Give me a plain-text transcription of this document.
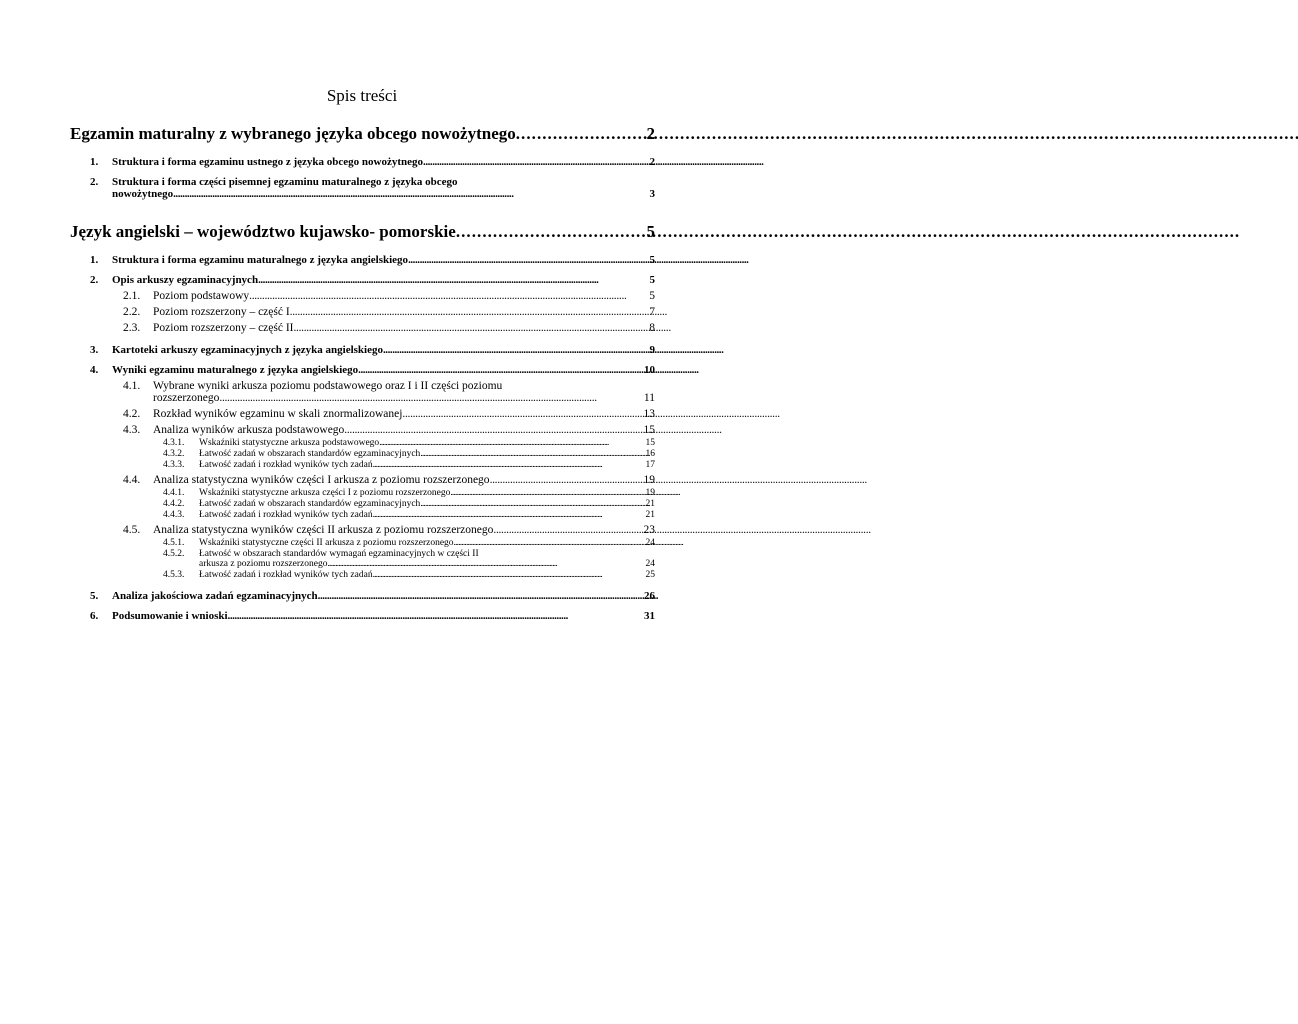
Spis treści
Egzamin maturalny z wybranego języka obcego nowożytnego . . .	2
1.	Struktura i forma egzaminu ustnego z języka obcego nowożytnego . . .	2
2.	Struktura i forma części pisemnej egzaminu maturalnego z języka obcego
nowożytnego . . .	3
Język angielski – województwo kujawsko- pomorskie . . .	5
1.	Struktura i forma egzaminu maturalnego z języka angielskiego . . .	5
2.	Opis arkuszy egzaminacyjnych . . .	5
2.1.	Poziom podstawowy . . .	5
2.2.	Poziom rozszerzony – część I . . .	7
2.3.	Poziom rozszerzony – część II . . .	8
3.	Kartoteki arkuszy egzaminacyjnych z języka angielskiego . . .	9
4.	Wyniki egzaminu maturalnego z języka angielskiego . . .	10
4.1.	Wybrane wyniki arkusza poziomu podstawowego oraz I i II części poziomu
rozszerzonego . . .	11
4.2.	Rozkład wyników egzaminu w skali znormalizowanej . . .	13
4.3.	Analiza wyników arkusza podstawowego . . .	15
4.3.1.	Wskaźniki statystyczne arkusza podstawowego . . .	15
4.3.2.	Łatwość zadań w obszarach standardów egzaminacyjnych . . .	16
4.3.3.	Łatwość zadań i rozkład wyników tych zadań . . .	17
4.4.	Analiza statystyczna wyników części I arkusza z poziomu rozszerzonego . . .	19
4.4.1.	Wskaźniki statystyczne arkusza części I z poziomu rozszerzonego . . .	19
4.4.2.	Łatwość zadań w obszarach standardów egzaminacyjnych . . .	21
4.4.3.	Łatwość zadań i rozkład wyników tych zadań . . .	21
4.5.	Analiza statystyczna wyników części II arkusza z poziomu rozszerzonego . . .	23
4.5.1.	Wskaźniki statystyczne części II arkusza z poziomu rozszerzonego . . .	24
4.5.2.	Łatwość w obszarach standardów wymagań egzaminacyjnych w części II
arkusza z poziomu rozszerzonego . . .	24
4.5.3.	Łatwość zadań i rozkład wyników tych zadań . . .	25
5.	Analiza jakościowa zadań egzaminacyjnych . . .	26
6.	Podsumowanie i wnioski . . .	31
